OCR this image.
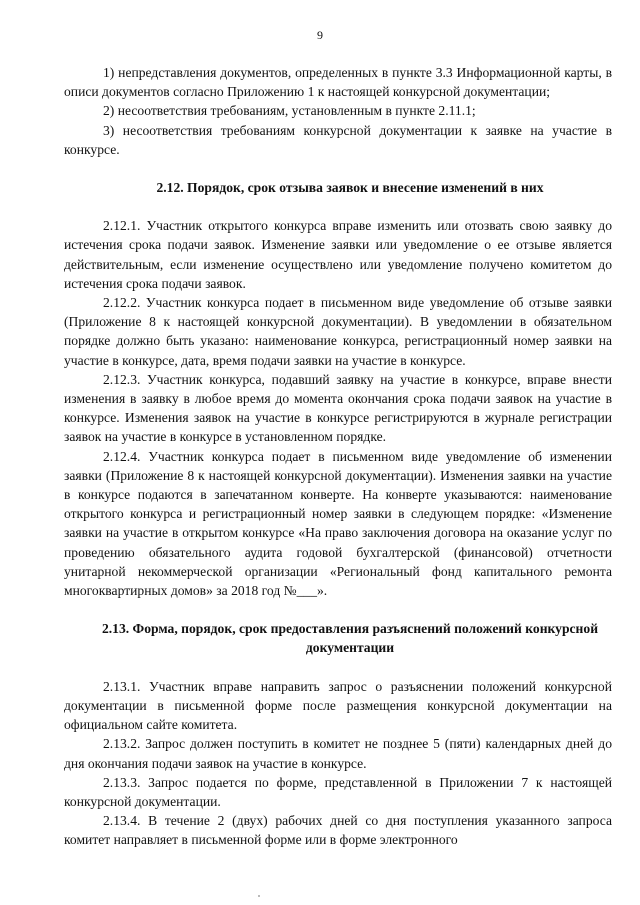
9

1) непредставления документов, определенных в пункте 3.3 Информационной карты, в описи документов согласно Приложению 1 к настоящей конкурсной документации;

2) несоответствия требованиям, установленным в пункте 2.11.1;

3) несоответствия требованиям конкурсной документации к заявке на участие в конкурсе.

2.12. Порядок, срок отзыва заявок и внесение изменений в них

2.12.1. Участник открытого конкурса вправе изменить или отозвать свою заявку до истечения срока подачи заявок. Изменение заявки или уведомление о ее отзыве является действительным, если изменение осуществлено или уведомление получено комитетом до истечения срока подачи заявок.

2.12.2. Участник конкурса подает в письменном виде уведомление об отзыве заявки (Приложение 8 к настоящей конкурсной документации). В уведомлении в обязательном порядке должно быть указано: наименование конкурса, регистрационный номер заявки на участие в конкурсе, дата, время подачи заявки на участие в конкурсе.

2.12.3. Участник конкурса, подавший заявку на участие в конкурсе, вправе внести изменения в заявку в любое время до момента окончания срока подачи заявок на участие в конкурсе. Изменения заявок на участие в конкурсе регистрируются в журнале регистрации заявок на участие в конкурсе в установленном порядке.

2.12.4. Участник конкурса подает в письменном виде уведомление об изменении заявки (Приложение 8 к настоящей конкурсной документации). Изменения заявки на участие в конкурсе подаются в запечатанном конверте. На конверте указываются: наименование открытого конкурса и регистрационный номер заявки в следующем порядке: «Изменение заявки на участие в открытом конкурсе «На право заключения договора на оказание услуг по проведению обязательного аудита годовой бухгалтерской (финансовой) отчетности унитарной некоммерческой организации «Региональный фонд капитального ремонта многоквартирных домов» за 2018 год №___».

2.13. Форма, порядок, срок предоставления разъяснений положений конкурсной документации

2.13.1. Участник вправе направить запрос о разъяснении положений конкурсной документации в письменной форме после размещения конкурсной документации на официальном сайте комитета.

2.13.2. Запрос должен поступить в комитет не позднее 5 (пяти) календарных дней до дня окончания подачи заявок на участие в конкурсе.

2.13.3. Запрос подается по форме, представленной в Приложении 7 к настоящей конкурсной документации.

2.13.4. В течение 2 (двух) рабочих дней со дня поступления указанного запроса комитет направляет в письменной форме или в форме электронного
